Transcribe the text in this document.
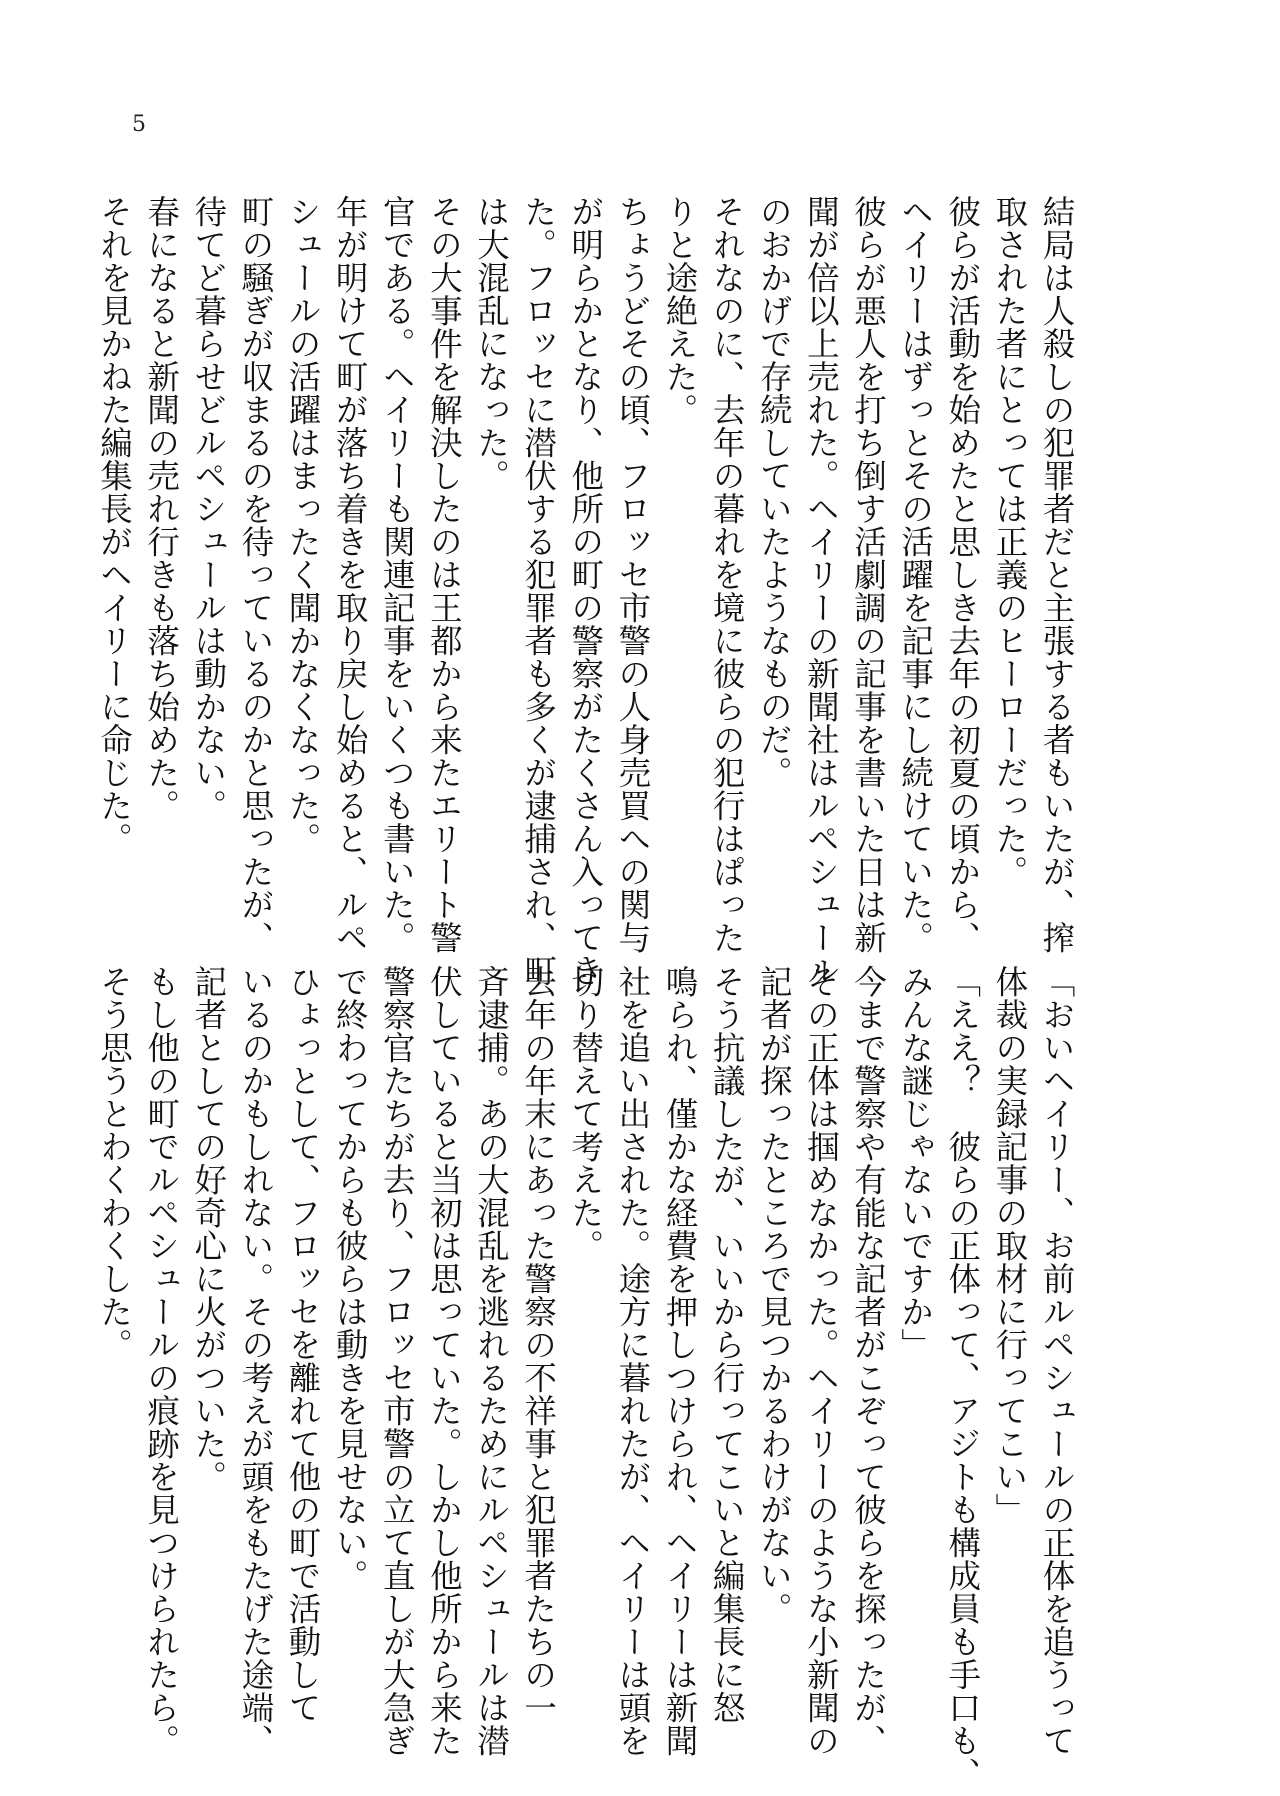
5
結局は人殺しの犯罪者だと主張する者もいたが、搾
取された者にとっては正義のヒーローだった。
彼らが活動を始めたと思しき去年の初夏の頃から、
ヘイリーはずっとその活躍を記事にし続けていた。
彼らが悪人を打ち倒す活劇調の記事を書いた日は新
聞が倍以上売れた。ヘイリーの新聞社はルペシュール
のおかげで存続していたようなものだ。
それなのに、去年の暮れを境に彼らの犯行はぱった
りと途絶えた。
ちょうどその頃、フロッセ市警の人身売買への関与
が明らかとなり、他所の町の警察がたくさん入ってき
た。フロッセに潜伏する犯罪者も多くが逮捕され、町
は大混乱になった。
その大事件を解決したのは王都から来たエリート警
官である。ヘイリーも関連記事をいくつも書いた。
年が明けて町が落ち着きを取り戻し始めると、ルペ
シュールの活躍はまったく聞かなくなった。
町の騒ぎが収まるのを待っているのかと思ったが、
待てど暮らせどルペシュールは動かない。
春になると新聞の売れ行きも落ち始めた。
それを見かねた編集長がヘイリーに命じた。
「おいヘイリー、お前ルペシュールの正体を追うって
体裁の実録記事の取材に行ってこい」
「ええ？　彼らの正体って、アジトも構成員も手口も、
みんな謎じゃないですか」
今まで警察や有能な記者がこぞって彼らを探ったが、
その正体は掴めなかった。ヘイリーのような小新聞の
記者が探ったところで見つかるわけがない。
そう抗議したが、いいから行ってこいと編集長に怒
鳴られ、僅かな経費を押しつけられ、ヘイリーは新聞
社を追い出された。途方に暮れたが、ヘイリーは頭を
切り替えて考えた。
去年の年末にあった警察の不祥事と犯罪者たちの一
斉逮捕。あの大混乱を逃れるためにルペシュールは潜
伏していると当初は思っていた。しかし他所から来た
警察官たちが去り、フロッセ市警の立て直しが大急ぎ
で終わってからも彼らは動きを見せない。
ひょっとして、フロッセを離れて他の町で活動して
いるのかもしれない。その考えが頭をもたげた途端、
記者としての好奇心に火がついた。
もし他の町でルペシュールの痕跡を見つけられたら。
そう思うとわくわくした。
